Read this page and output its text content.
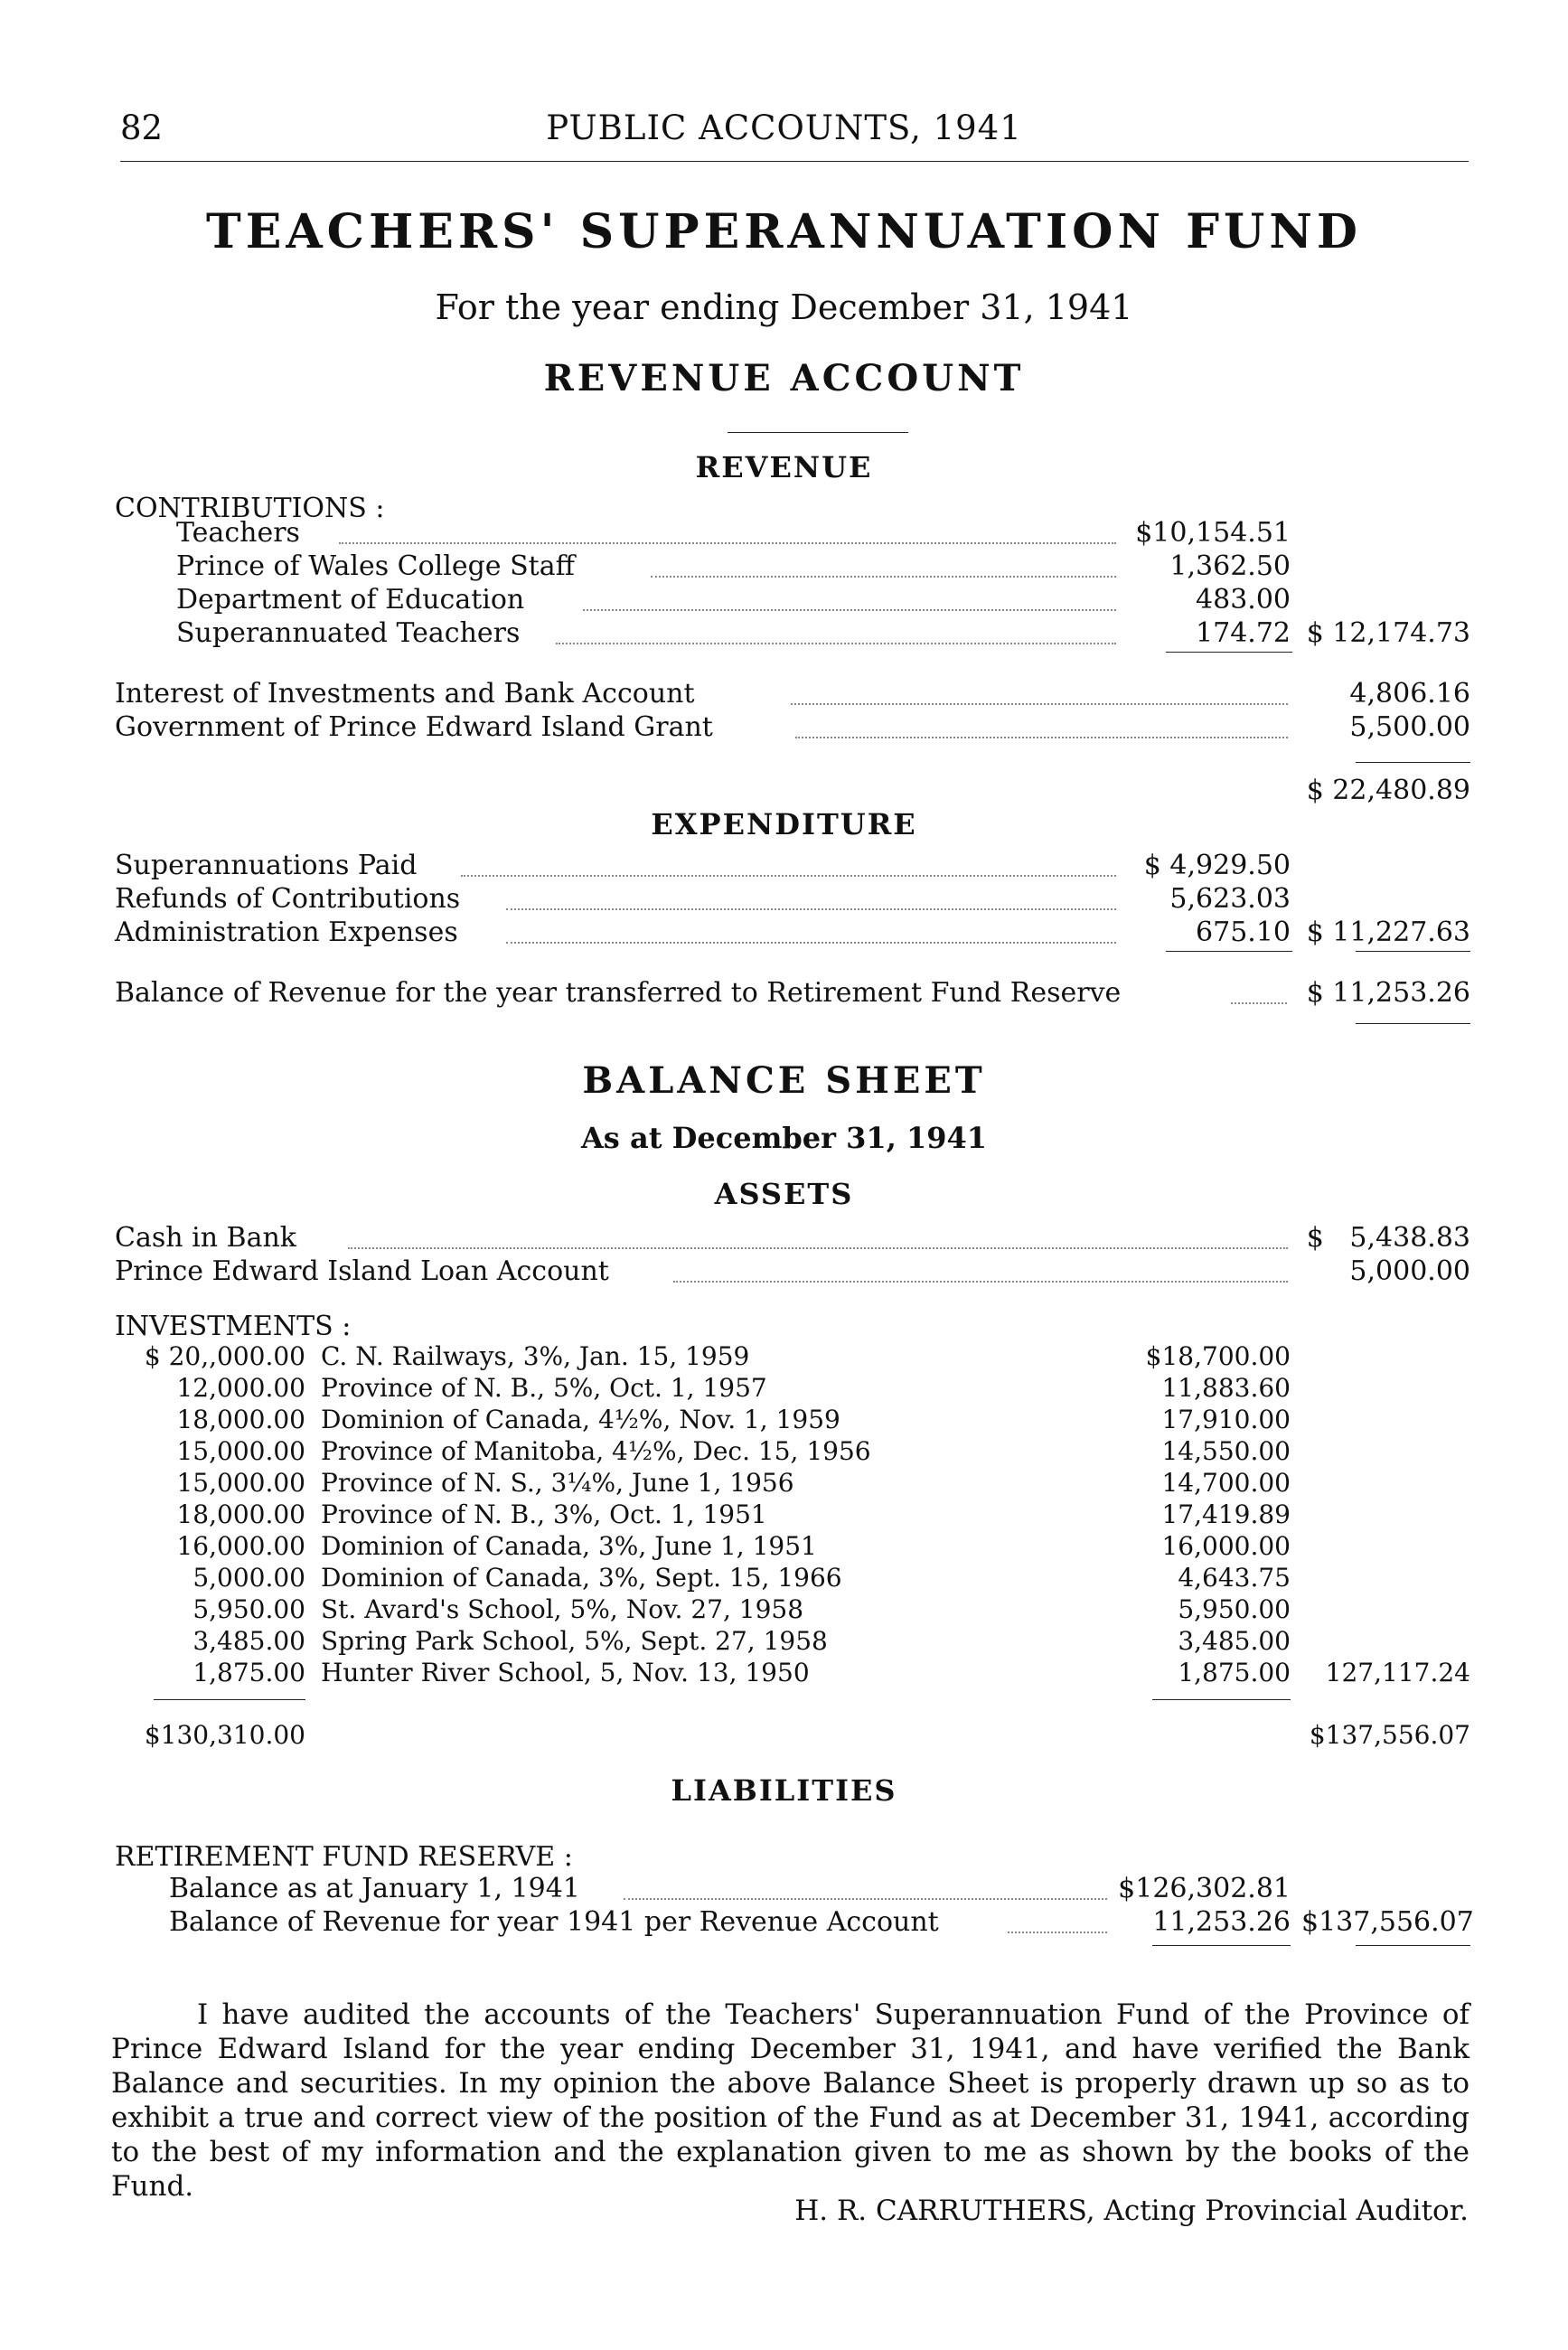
82	PUBLIC ACCOUNTS, 1941
TEACHERS' SUPERANNUATION FUND
For the year ending December 31, 1941
REVENUE ACCOUNT
REVENUE
CONTRIBUTIONS :
Teachers	$10,154.51
Prince of Wales College Staff	1,362.50
Department of Education	483.00
Superannuated Teachers	174.72 $ 12,174.73
Interest of Investments and Bank Account	4,806.16
Government of Prince Edward Island Grant	5,500.00
$ 22,480.89
EXPENDITURE
Superannuations Paid	$ 4,929.50
Refunds of Contributions	5,623.03
Administration Expenses	675.10 $ 11,227.63
Balance of Revenue for the year transferred to Retirement Fund Reserve	$ 11,253.26
BALANCE SHEET
As at December 31, 1941
ASSETS
Cash in Bank	$   5,438.83
Prince Edward Island Loan Account	5,000.00
INVESTMENTS :
$ 20,,000.00 C. N. Railways, 3%, Jan. 15, 1959	$18,700.00
12,000.00 Province of N. B., 5%, Oct. 1, 1957	11,883.60
18,000.00 Dominion of Canada, 4½%, Nov. 1, 1959	17,910.00
15,000.00 Province of Manitoba, 4½%, Dec. 15, 1956	14,550.00
15,000.00 Province of N. S., 3¼%, June 1, 1956	14,700.00
18,000.00 Province of N. B., 3%, Oct. 1, 1951	17,419.89
16,000.00 Dominion of Canada, 3%, June 1, 1951	16,000.00
5,000.00 Dominion of Canada, 3%, Sept. 15, 1966	4,643.75
5,950.00 St. Avard's School, 5%, Nov. 27, 1958	5,950.00
3,485.00 Spring Park School, 5%, Sept. 27, 1958	3,485.00
1,875.00 Hunter River School, 5, Nov. 13, 1950	1,875.00	127,117.24
$130,310.00	$137,556.07
LIABILITIES
RETIREMENT FUND RESERVE :
Balance as at January 1, 1941	$126,302.81
Balance of Revenue for year 1941 per Revenue Account	11,253.26 $137,556.07
I have audited the accounts of the Teachers' Superannuation Fund of the Province of Prince Edward Island for the year ending December 31, 1941, and have verified the Bank Balance and securities. In my opinion the above Balance Sheet is properly drawn up so as to exhibit a true and correct view of the position of the Fund as at December 31, 1941, according to the best of my information and the explanation given to me as shown by the books of the Fund.
H. R. CARRUTHERS, Acting Provincial Auditor.
